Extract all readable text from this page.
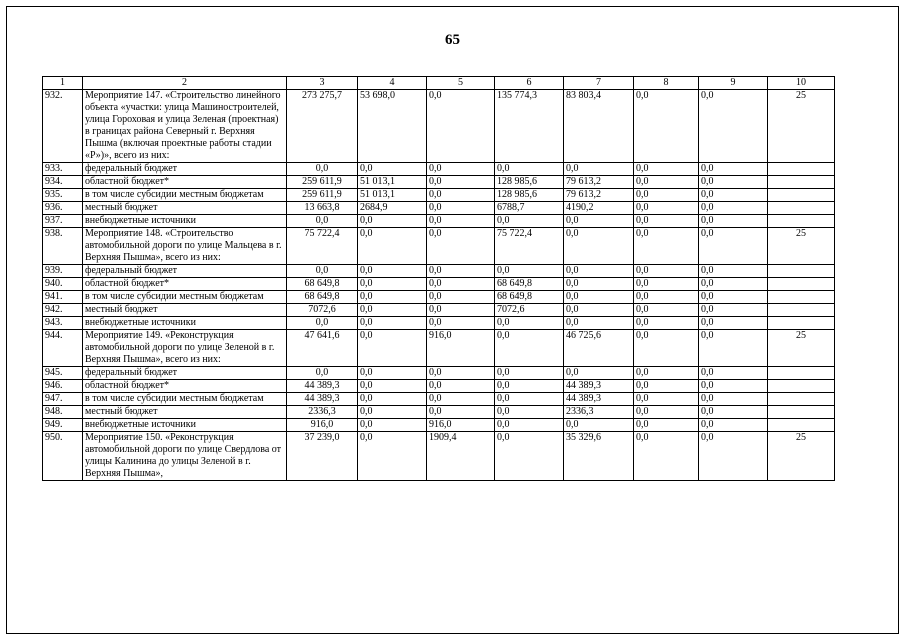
65
1	2	3	4	5	6	7	8	9	10
932.	Мероприятие 147. «Строительство линейного объекта «участки: улица Машиностроителей, улица Гороховая и улица Зеленая (проектная) в границах района Северный г. Верхняя Пышма (включая проектные работы стадии «Р»)», всего из них:	273 275,7	53 698,0	0,0	135 774,3	83 803,4	0,0	0,0	25
933.	федеральный бюджет	0,0	0,0	0,0	0,0	0,0	0,0	0,0	
934.	областной бюджет*	259 611,9	51 013,1	0,0	128 985,6	79 613,2	0,0	0,0	
935.	в том числе субсидии местным бюджетам	259 611,9	51 013,1	0,0	128 985,6	79 613,2	0,0	0,0	
936.	местный бюджет	13 663,8	2684,9	0,0	6788,7	4190,2	0,0	0,0	
937.	внебюджетные источники	0,0	0,0	0,0	0,0	0,0	0,0	0,0	
938.	Мероприятие 148. «Строительство автомобильной дороги по улице Мальцева в г. Верхняя Пышма», всего из них:	75 722,4	0,0	0,0	75 722,4	0,0	0,0	0,0	25
939.	федеральный бюджет	0,0	0,0	0,0	0,0	0,0	0,0	0,0	
940.	областной бюджет*	68 649,8	0,0	0,0	68 649,8	0,0	0,0	0,0	
941.	в том числе субсидии местным бюджетам	68 649,8	0,0	0,0	68 649,8	0,0	0,0	0,0	
942.	местный бюджет	7072,6	0,0	0,0	7072,6	0,0	0,0	0,0	
943.	внебюджетные источники	0,0	0,0	0,0	0,0	0,0	0,0	0,0	
944.	Мероприятие 149. «Реконструкция автомобильной дороги по улице Зеленой в г. Верхняя Пышма», всего из них:	47 641,6	0,0	916,0	0,0	46 725,6	0,0	0,0	25
945.	федеральный бюджет	0,0	0,0	0,0	0,0	0,0	0,0	0,0	
946.	областной бюджет*	44 389,3	0,0	0,0	0,0	44 389,3	0,0	0,0	
947.	в том числе субсидии местным бюджетам	44 389,3	0,0	0,0	0,0	44 389,3	0,0	0,0	
948.	местный бюджет	2336,3	0,0	0,0	0,0	2336,3	0,0	0,0	
949.	внебюджетные источники	916,0	0,0	916,0	0,0	0,0	0,0	0,0	
950.	Мероприятие 150. «Реконструкция автомобильной дороги по улице Свердлова от улицы Калинина до улицы Зеленой в г. Верхняя Пышма»,	37 239,0	0,0	1909,4	0,0	35 329,6	0,0	0,0	25
